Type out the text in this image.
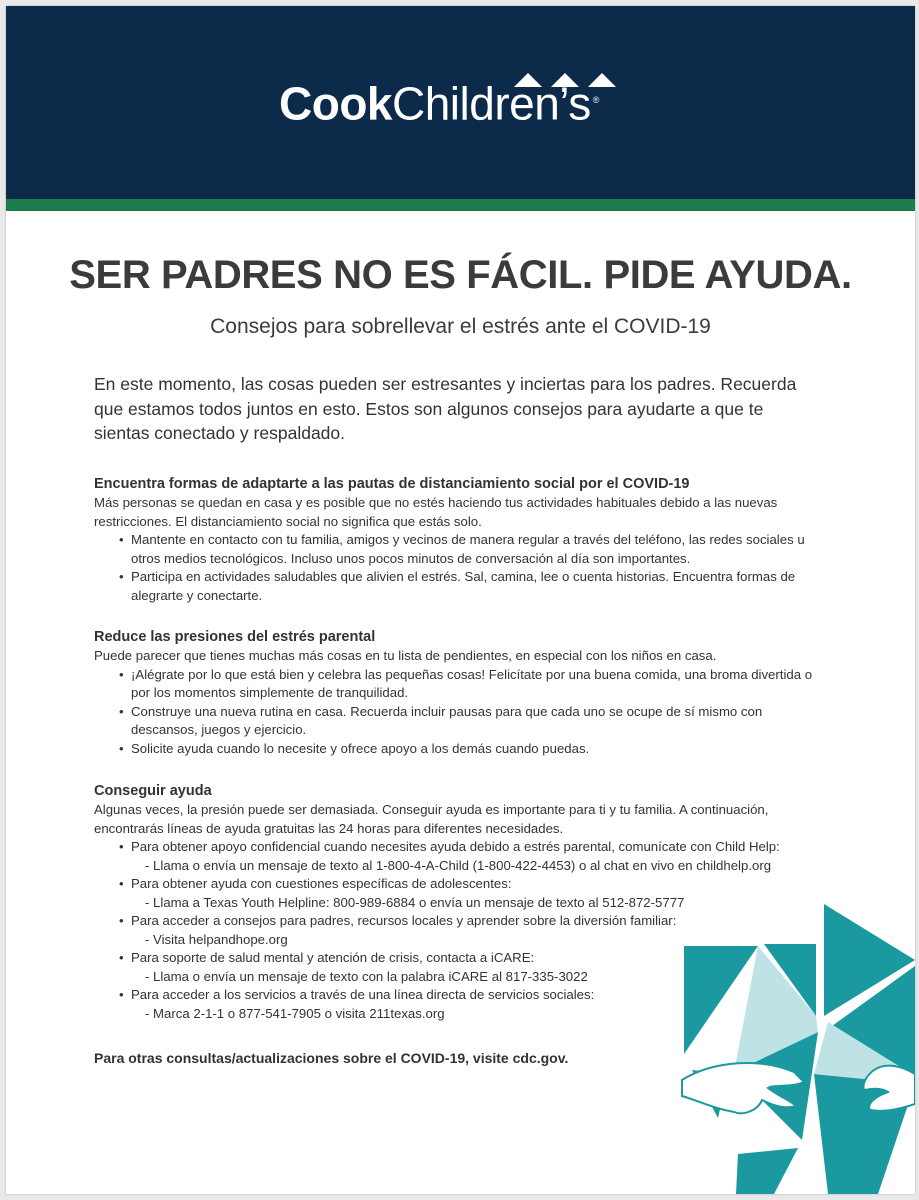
CookChildren’s ®
SER PADRES NO ES FÁCIL. PIDE AYUDA.
Consejos para sobrellevar el estrés ante el COVID-19

En este momento, las cosas pueden ser estresantes y inciertas para los padres. Recuerda que estamos todos juntos en esto. Estos son algunos consejos para ayudarte a que te sientas conectado y respaldado.

Encuentra formas de adaptarte a las pautas de distanciamiento social por el COVID-19

Más personas se quedan en casa y es posible que no estés haciendo tus actividades habituales debido a las nuevas restricciones. El distanciamiento social no significa que estás solo.

• Mantente en contacto con tu familia, amigos y vecinos de manera regular a través del teléfono, las redes sociales u otros medios tecnológicos. Incluso unos pocos minutos de conversación al día son importantes.
• Participa en actividades saludables que alivien el estrés. Sal, camina, lee o cuenta historias. Encuentra formas de alegrarte y conectarte.
Reduce las presiones del estrés parental

Puede parecer que tienes muchas más cosas en tu lista de pendientes, en especial con los niños en casa.

• ¡Alégrate por lo que está bien y celebra las pequeñas cosas! Felicítate por una buena comida, una broma divertida o por los momentos simplemente de tranquilidad.
• Construye una nueva rutina en casa. Recuerda incluir pausas para que cada uno se ocupe de sí mismo con descansos, juegos y ejercicio.
• Solicite ayuda cuando lo necesite y ofrece apoyo a los demás cuando puedas.
Conseguir ayuda

Algunas veces, la presión puede ser demasiada. Conseguir ayuda es importante para ti y tu familia. A continuación, encontrarás líneas de ayuda gratuitas las 24 horas para diferentes necesidades.

• Para obtener apoyo confidencial cuando necesites ayuda debido a estrés parental, comunícate con Child Help:
- Llama o envía un mensaje de texto al 1-800-4-A-Child (1-800-422-4453) o al chat en vivo en childhelp.org
• Para obtener ayuda con cuestiones específicas de adolescentes:
- Llama a Texas Youth Helpline: 800-989-6884 o envía un mensaje de texto al 512-872-5777
• Para acceder a consejos para padres, recursos locales y aprender sobre la diversión familiar:
- Visita helpandhope.org
• Para soporte de salud mental y atención de crisis, contacta a iCARE:
- Llama o envía un mensaje de texto con la palabra iCARE al 817-335-3022
• Para acceder a los servicios a través de una línea directa de servicios sociales:
- Marca 2-1-1 o 877-541-7905 o visita 211texas.org

Para otras consultas/actualizaciones sobre el COVID-19, visite cdc.gov.
